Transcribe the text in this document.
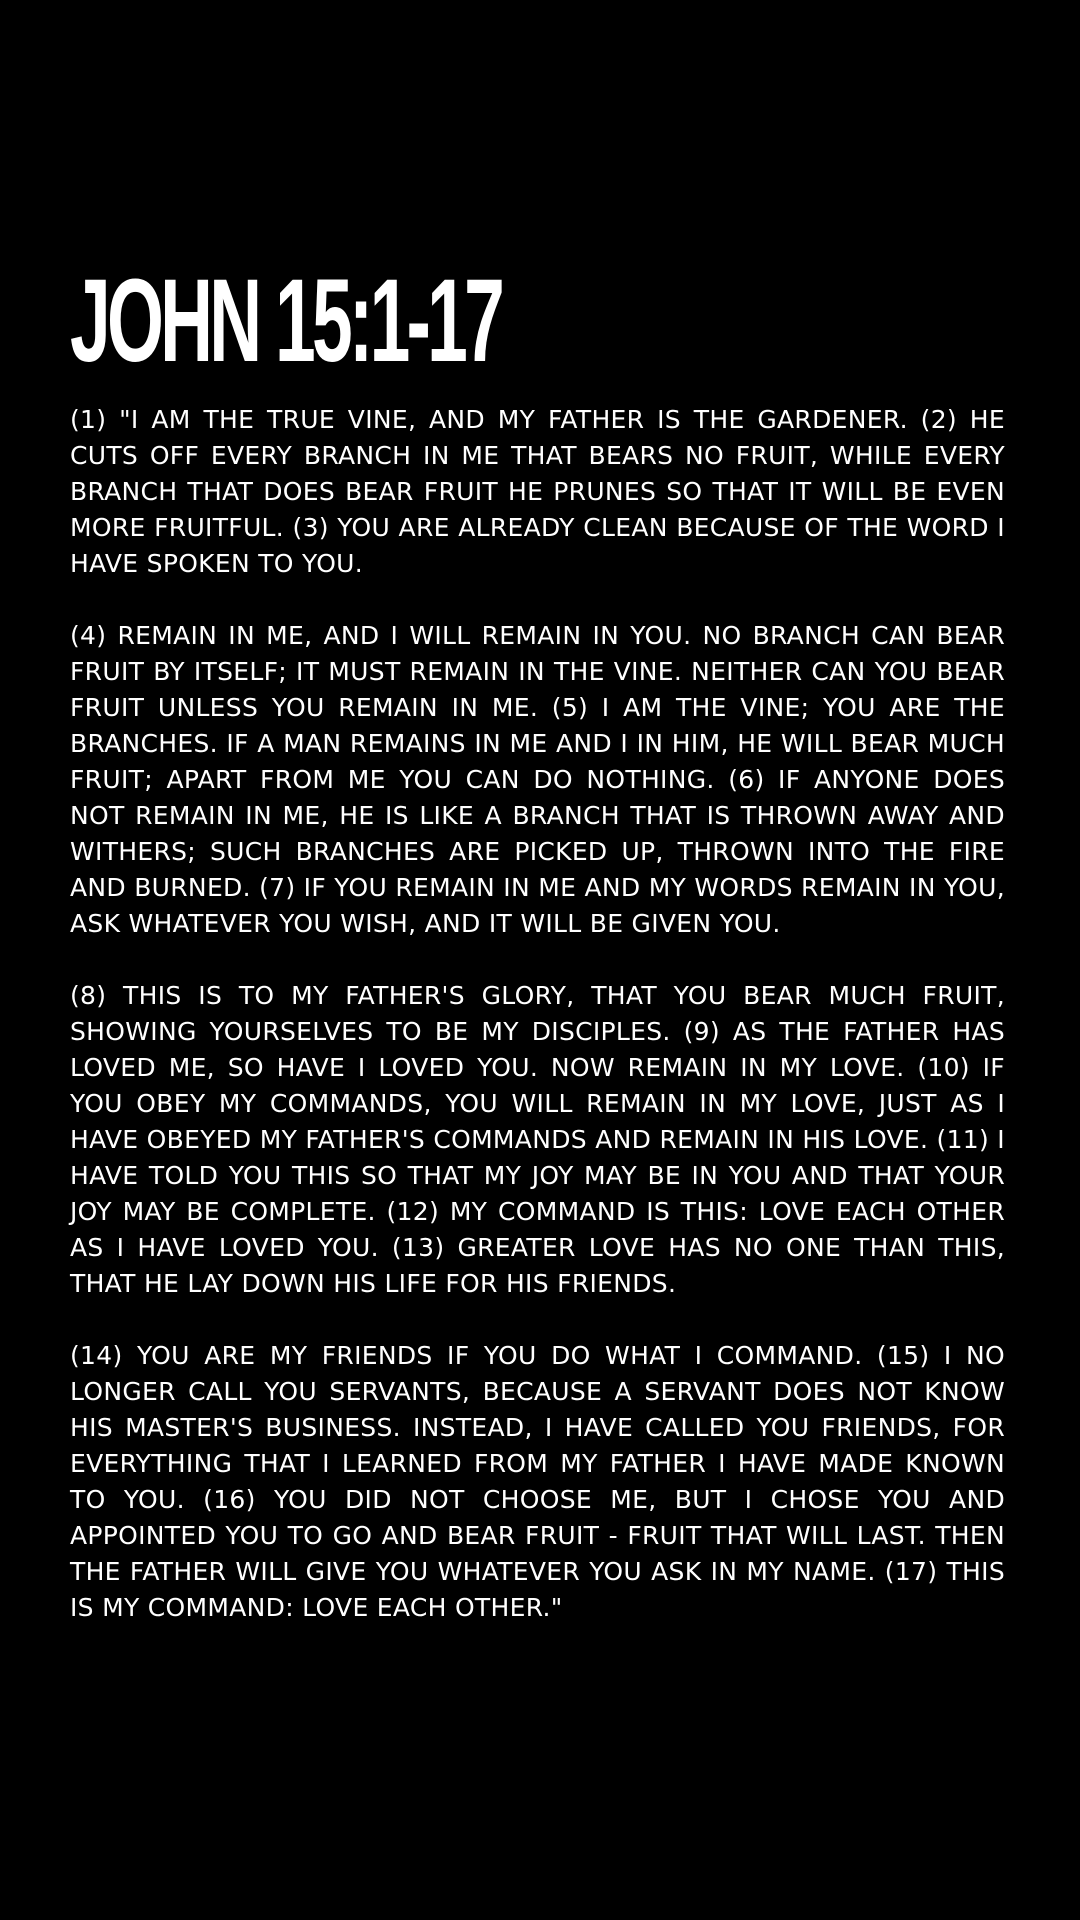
JOHN 15:1-17

(1) "I AM THE TRUE VINE, AND MY FATHER IS THE GARDENER. (2) HE CUTS OFF EVERY BRANCH IN ME THAT BEARS NO FRUIT, WHILE EVERY BRANCH THAT DOES BEAR FRUIT HE PRUNES SO THAT IT WILL BE EVEN MORE FRUITFUL. (3) YOU ARE ALREADY CLEAN BECAUSE OF THE WORD I HAVE SPOKEN TO YOU.

(4) REMAIN IN ME, AND I WILL REMAIN IN YOU. NO BRANCH CAN BEAR FRUIT BY ITSELF; IT MUST REMAIN IN THE VINE. NEITHER CAN YOU BEAR FRUIT UNLESS YOU REMAIN IN ME. (5) I AM THE VINE; YOU ARE THE BRANCHES. IF A MAN REMAINS IN ME AND I IN HIM, HE WILL BEAR MUCH FRUIT; APART FROM ME YOU CAN DO NOTHING. (6) IF ANYONE DOES NOT REMAIN IN ME, HE IS LIKE A BRANCH THAT IS THROWN AWAY AND WITHERS; SUCH BRANCHES ARE PICKED UP, THROWN INTO THE FIRE AND BURNED. (7) IF YOU REMAIN IN ME AND MY WORDS REMAIN IN YOU, ASK WHATEVER YOU WISH, AND IT WILL BE GIVEN YOU.

(8) THIS IS TO MY FATHER'S GLORY, THAT YOU BEAR MUCH FRUIT, SHOWING YOURSELVES TO BE MY DISCIPLES. (9) AS THE FATHER HAS LOVED ME, SO HAVE I LOVED YOU. NOW REMAIN IN MY LOVE. (10) IF YOU OBEY MY COMMANDS, YOU WILL REMAIN IN MY LOVE, JUST AS I HAVE OBEYED MY FATHER'S COMMANDS AND REMAIN IN HIS LOVE. (11) I HAVE TOLD YOU THIS SO THAT MY JOY MAY BE IN YOU AND THAT YOUR JOY MAY BE COMPLETE. (12) MY COMMAND IS THIS: LOVE EACH OTHER AS I HAVE LOVED YOU. (13) GREATER LOVE HAS NO ONE THAN THIS, THAT HE LAY DOWN HIS LIFE FOR HIS FRIENDS.

(14) YOU ARE MY FRIENDS IF YOU DO WHAT I COMMAND. (15) I NO LONGER CALL YOU SERVANTS, BECAUSE A SERVANT DOES NOT KNOW HIS MASTER'S BUSINESS. INSTEAD, I HAVE CALLED YOU FRIENDS, FOR EVERYTHING THAT I LEARNED FROM MY FATHER I HAVE MADE KNOWN TO YOU. (16) YOU DID NOT CHOOSE ME, BUT I CHOSE YOU AND APPOINTED YOU TO GO AND BEAR FRUIT - FRUIT THAT WILL LAST. THEN THE FATHER WILL GIVE YOU WHATEVER YOU ASK IN MY NAME. (17) THIS IS MY COMMAND: LOVE EACH OTHER."
